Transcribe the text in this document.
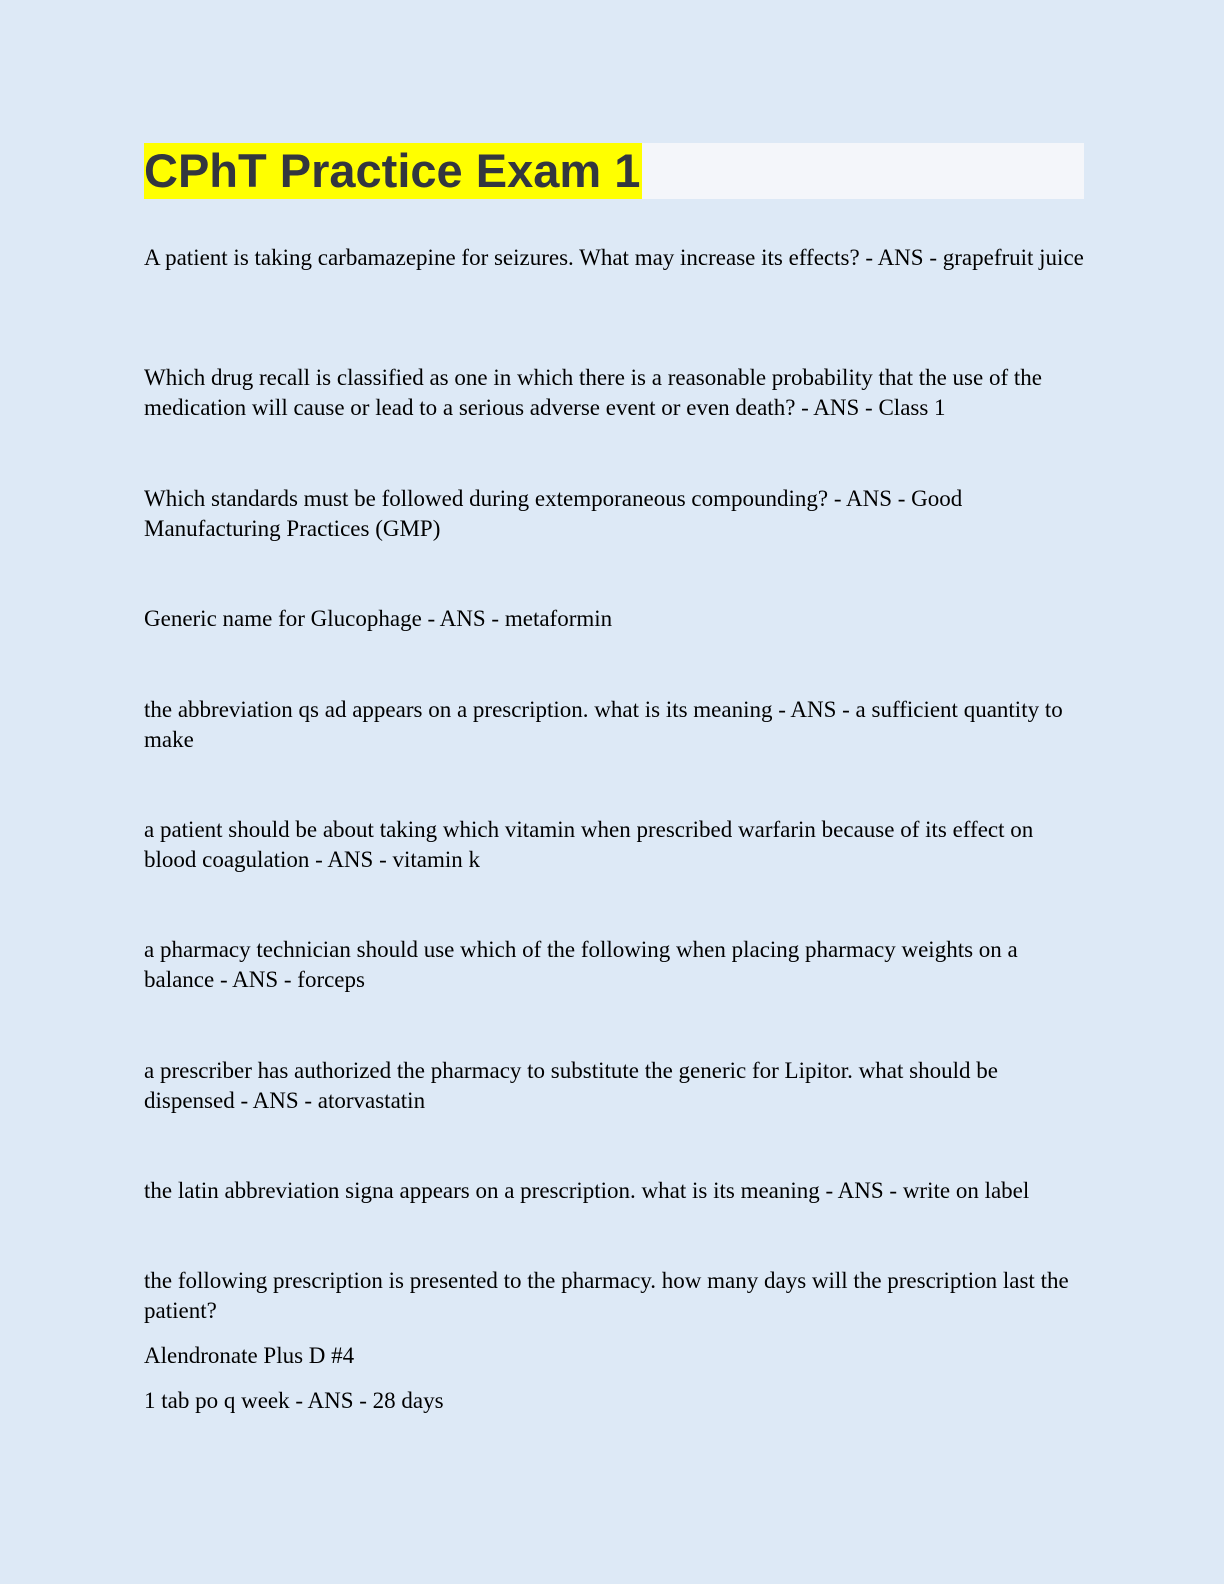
CPhT Practice Exam 1

A patient is taking carbamazepine for seizures. What may increase its effects? - ANS - grapefruit juice

Which drug recall is classified as one in which there is a reasonable probability that the use of the medication will cause or lead to a serious adverse event or even death? - ANS - Class 1

Which standards must be followed during extemporaneous compounding? - ANS - Good Manufacturing Practices (GMP)

Generic name for Glucophage - ANS - metaformin

the abbreviation qs ad appears on a prescription. what is its meaning - ANS - a sufficient quantity to make

a patient should be about taking which vitamin when prescribed warfarin because of its effect on blood coagulation - ANS - vitamin k

a pharmacy technician should use which of the following when placing pharmacy weights on a balance - ANS - forceps

a prescriber has authorized the pharmacy to substitute the generic for Lipitor. what should be dispensed - ANS - atorvastatin

the latin abbreviation signa appears on a prescription. what is its meaning - ANS - write on label

the following prescription is presented to the pharmacy. how many days will the prescription last the patient?

Alendronate Plus D #4

1 tab po q week - ANS - 28 days
